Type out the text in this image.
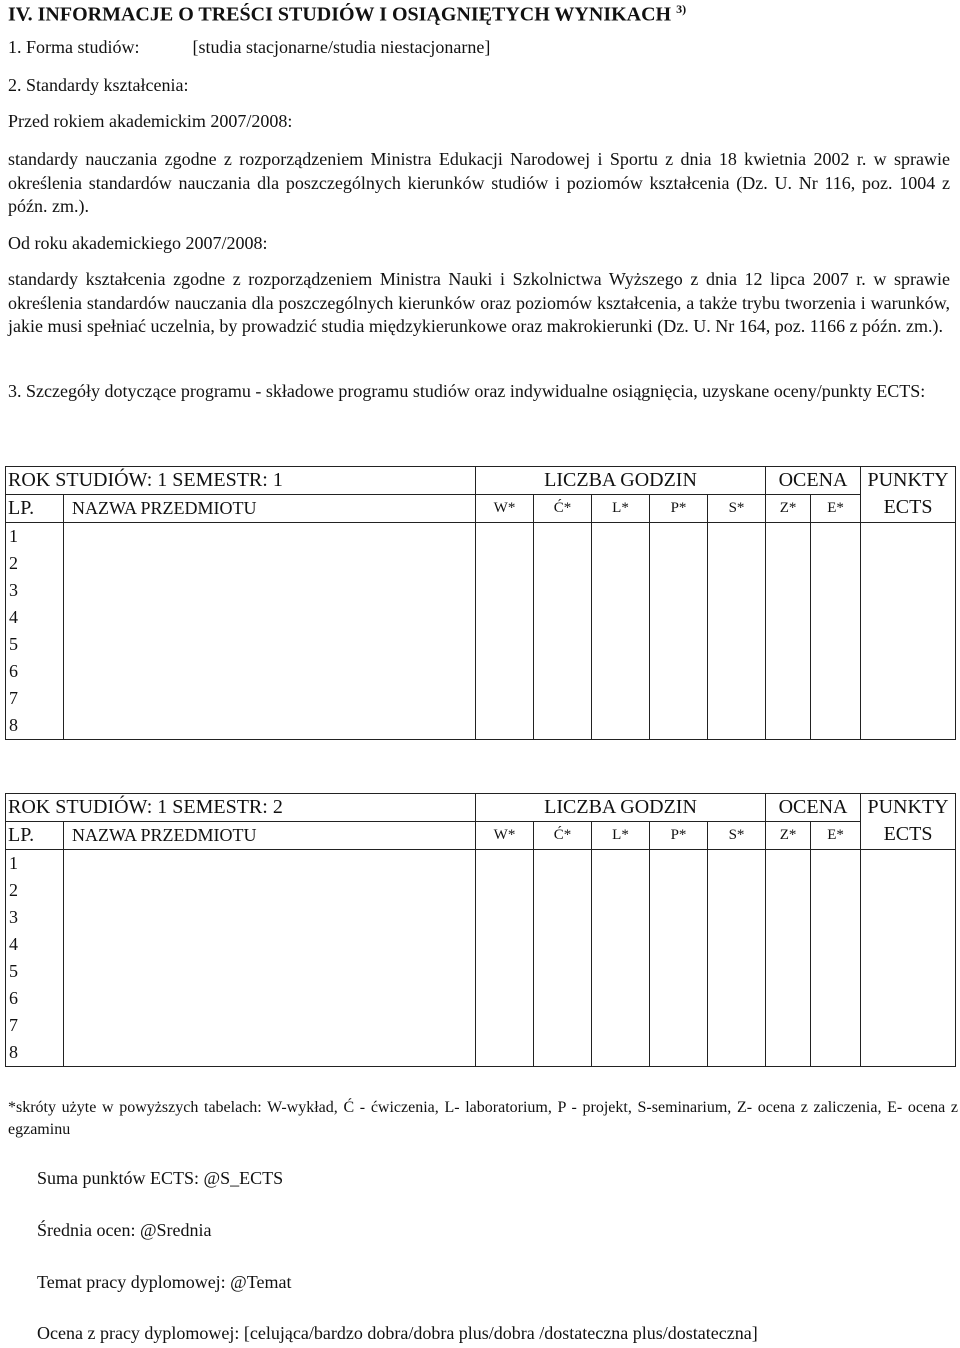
IV. INFORMACJE O TREŚCI STUDIÓW I OSIĄGNIĘTYCH WYNIKACH $^{3)}$
1. Forma studiów:	[studia stacjonarne/studia niestacjonarne]
2. Standardy kształcenia:
Przed rokiem akademickim 2007/2008:
standardy nauczania zgodne z rozporządzeniem Ministra Edukacji Narodowej i Sportu z dnia 18 kwietnia 2002 r. w sprawie określenia standardów nauczania dla poszczególnych kierunków studiów i poziomów kształcenia (Dz. U. Nr 116, poz. 1004 z późn. zm.).
Od roku akademickiego 2007/2008:
standardy kształcenia zgodne z rozporządzeniem Ministra Nauki i Szkolnictwa Wyższego z dnia 12 lipca 2007 r. w sprawie określenia standardów nauczania dla poszczególnych kierunków oraz poziomów kształcenia, a także trybu tworzenia i warunków, jakie musi spełniać uczelnia, by prowadzić studia międzykierunkowe oraz makrokierunki (Dz. U. Nr 164, poz. 1166 z późn. zm.).
3. Szczegóły dotyczące programu - składowe programu studiów oraz indywidualne osiągnięcia, uzyskane oceny/punkty ECTS:
ROK STUDIÓW: 1 SEMESTR: 1		LICZBA GODZIN					OCENA		PUNKTY
ECTS
LP.	NAZWA PRZEDMIOTU	W*	Ć*	L*	P*	S*	Z*	E*	
1									
2									
3									
4									
5									
6									
7									
8									
ROK STUDIÓW: 1 SEMESTR: 2		LICZBA GODZIN					OCENA		PUNKTY
ECTS
LP.	NAZWA PRZEDMIOTU	W*	Ć*	L*	P*	S*	Z*	E*	
1									
2									
3									
4									
5									
6									
7									
8									
*skróty użyte w powyższych tabelach: W-wykład, Ć - ćwiczenia, L- laboratorium, P - projekt, S-seminarium, Z- ocena z zaliczenia, E- ocena z egzaminu
Suma punktów ECTS: @S_ECTS
Średnia ocen: @Srednia
Temat pracy dyplomowej: @Temat
Ocena z pracy dyplomowej: [celująca/bardzo dobra/dobra plus/dobra /dostateczna plus/dostateczna]
